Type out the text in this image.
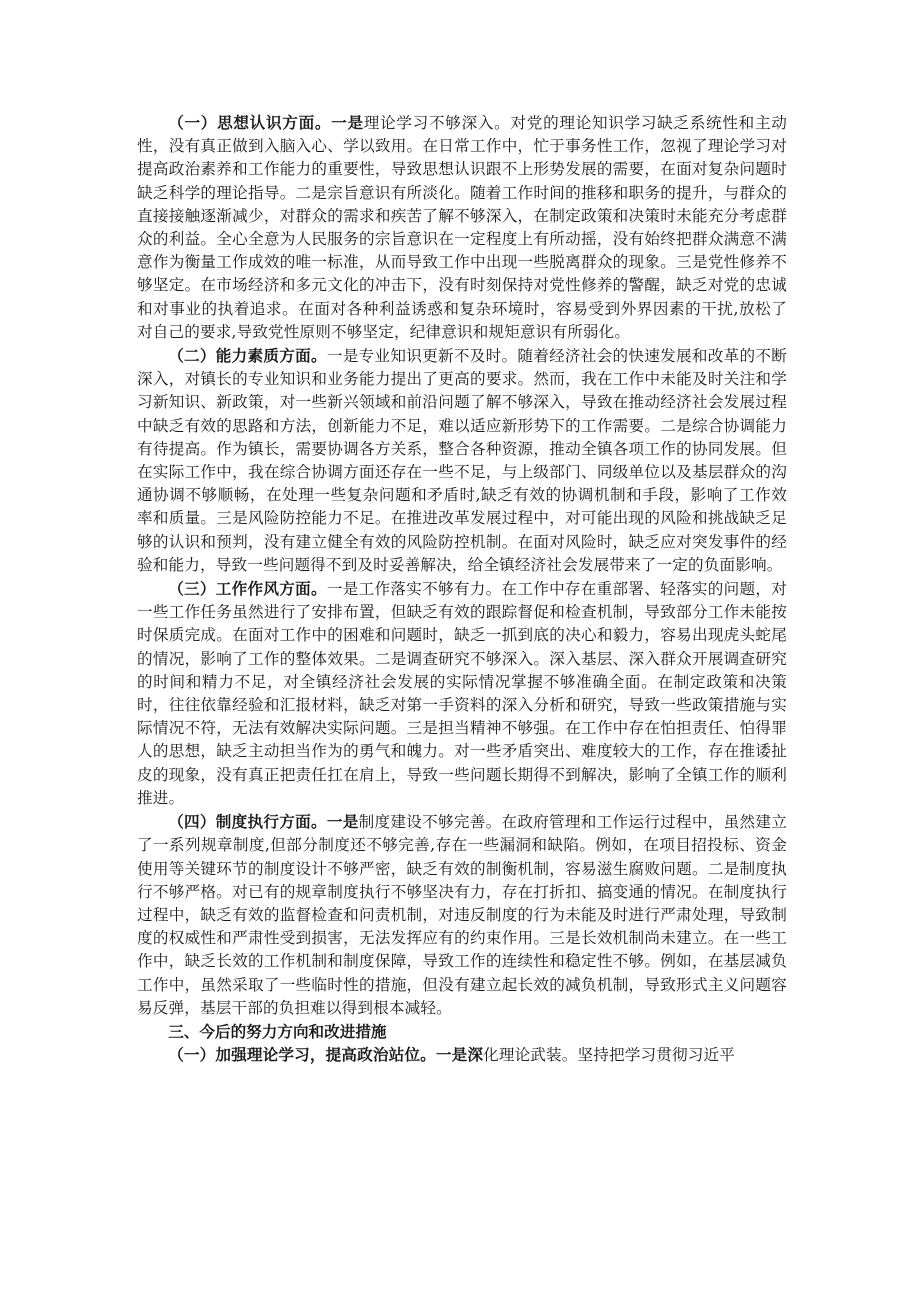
（一）思想认识方面。一是理论学习不够深入。对党的理论知识学习缺乏系统性和主动性，没有真正做到入脑入心、学以致用。在日常工作中，忙于事务性工作，忽视了理论学习对提高政治素养和工作能力的重要性，导致思想认识跟不上形势发展的需要，在面对复杂问题时缺乏科学的理论指导。二是宗旨意识有所淡化。随着工作时间的推移和职务的提升，与群众的直接接触逐渐减少，对群众的需求和疾苦了解不够深入，在制定政策和决策时未能充分考虑群众的利益。全心全意为人民服务的宗旨意识在一定程度上有所动摇，没有始终把群众满意不满意作为衡量工作成效的唯一标准，从而导致工作中出现一些脱离群众的现象。三是党性修养不够坚定。在市场经济和多元文化的冲击下，没有时刻保持对党性修养的警醒，缺乏对党的忠诚和对事业的执着追求。在面对各种利益诱惑和复杂环境时，容易受到外界因素的干扰,放松了对自己的要求,导致党性原则不够坚定，纪律意识和规矩意识有所弱化。

（二）能力素质方面。一是专业知识更新不及时。随着经济社会的快速发展和改革的不断深入，对镇长的专业知识和业务能力提出了更高的要求。然而，我在工作中未能及时关注和学习新知识、新政策，对一些新兴领域和前沿问题了解不够深入，导致在推动经济社会发展过程中缺乏有效的思路和方法，创新能力不足，难以适应新形势下的工作需要。二是综合协调能力有待提高。作为镇长，需要协调各方关系，整合各种资源，推动全镇各项工作的协同发展。但在实际工作中，我在综合协调方面还存在一些不足，与上级部门、同级单位以及基层群众的沟通协调不够顺畅，在处理一些复杂问题和矛盾时,缺乏有效的协调机制和手段，影响了工作效率和质量。三是风险防控能力不足。在推进改革发展过程中，对可能出现的风险和挑战缺乏足够的认识和预判，没有建立健全有效的风险防控机制。在面对风险时，缺乏应对突发事件的经验和能力，导致一些问题得不到及时妥善解决，给全镇经济社会发展带来了一定的负面影响。

（三）工作作风方面。一是工作落实不够有力。在工作中存在重部署、轻落实的问题，对一些工作任务虽然进行了安排布置，但缺乏有效的跟踪督促和检查机制，导致部分工作未能按时保质完成。在面对工作中的困难和问题时，缺乏一抓到底的决心和毅力，容易出现虎头蛇尾的情况，影响了工作的整体效果。二是调查研究不够深入。深入基层、深入群众开展调查研究的时间和精力不足，对全镇经济社会发展的实际情况掌握不够准确全面。在制定政策和决策时，往往依靠经验和汇报材料，缺乏对第一手资料的深入分析和研究，导致一些政策措施与实际情况不符，无法有效解决实际问题。三是担当精神不够强。在工作中存在怕担责任、怕得罪人的思想，缺乏主动担当作为的勇气和魄力。对一些矛盾突出、难度较大的工作，存在推诿扯皮的现象，没有真正把责任扛在肩上，导致一些问题长期得不到解决，影响了全镇工作的顺利推进。

（四）制度执行方面。一是制度建设不够完善。在政府管理和工作运行过程中，虽然建立了一系列规章制度,但部分制度还不够完善,存在一些漏洞和缺陷。例如，在项目招投标、资金使用等关键环节的制度设计不够严密，缺乏有效的制衡机制，容易滋生腐败问题。二是制度执行不够严格。对已有的规章制度执行不够坚决有力，存在打折扣、搞变通的情况。在制度执行过程中，缺乏有效的监督检查和问责机制，对违反制度的行为未能及时进行严肃处理，导致制度的权威性和严肃性受到损害，无法发挥应有的约束作用。三是长效机制尚未建立。在一些工作中，缺乏长效的工作机制和制度保障，导致工作的连续性和稳定性不够。例如，在基层减负工作中，虽然采取了一些临时性的措施，但没有建立起长效的减负机制，导致形式主义问题容易反弹，基层干部的负担难以得到根本减轻。

三、今后的努力方向和改进措施

（一）加强理论学习，提高政治站位。一是深化理论武装。坚持把学习贯彻习近平
